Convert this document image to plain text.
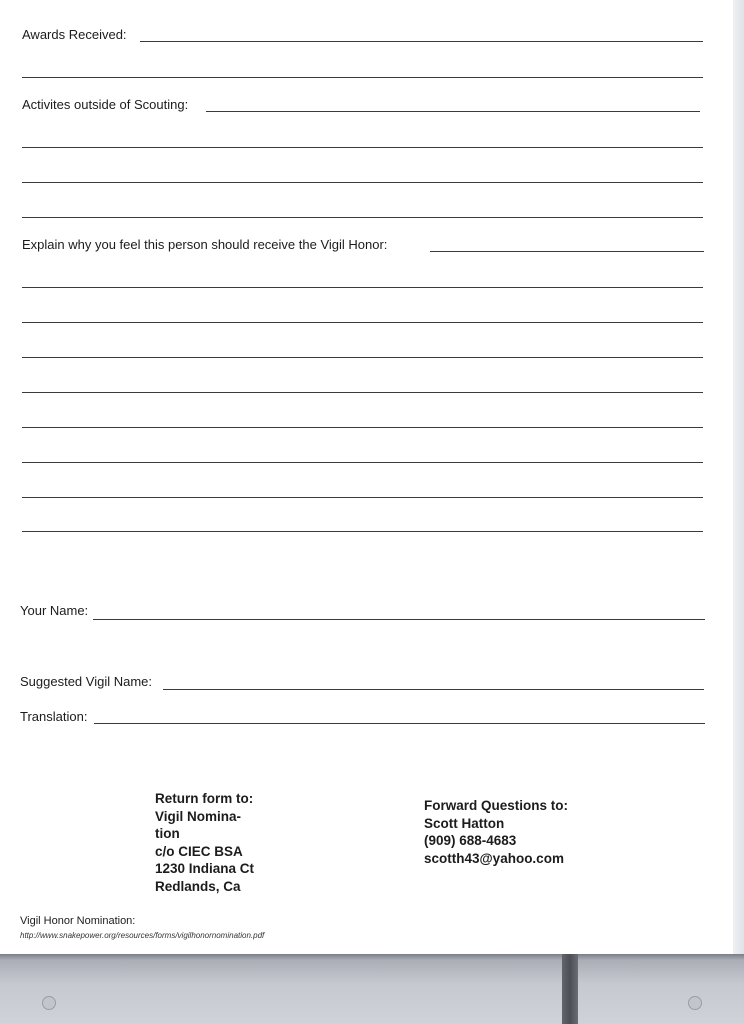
Awards Received:
Activites outside of Scouting:
Explain why you feel this person should receive the Vigil Honor:
Your Name:
Suggested Vigil Name:
Translation:
Return form to:
Vigil Nomina-
tion
c/o CIEC BSA
1230 Indiana Ct
Redlands, Ca
Forward Questions to:
Scott Hatton
(909) 688-4683
scotth43@yahoo.com
Vigil Honor Nomination:
http://www.snakepower.org/resources/forms/vigilhonornomination.pdf
